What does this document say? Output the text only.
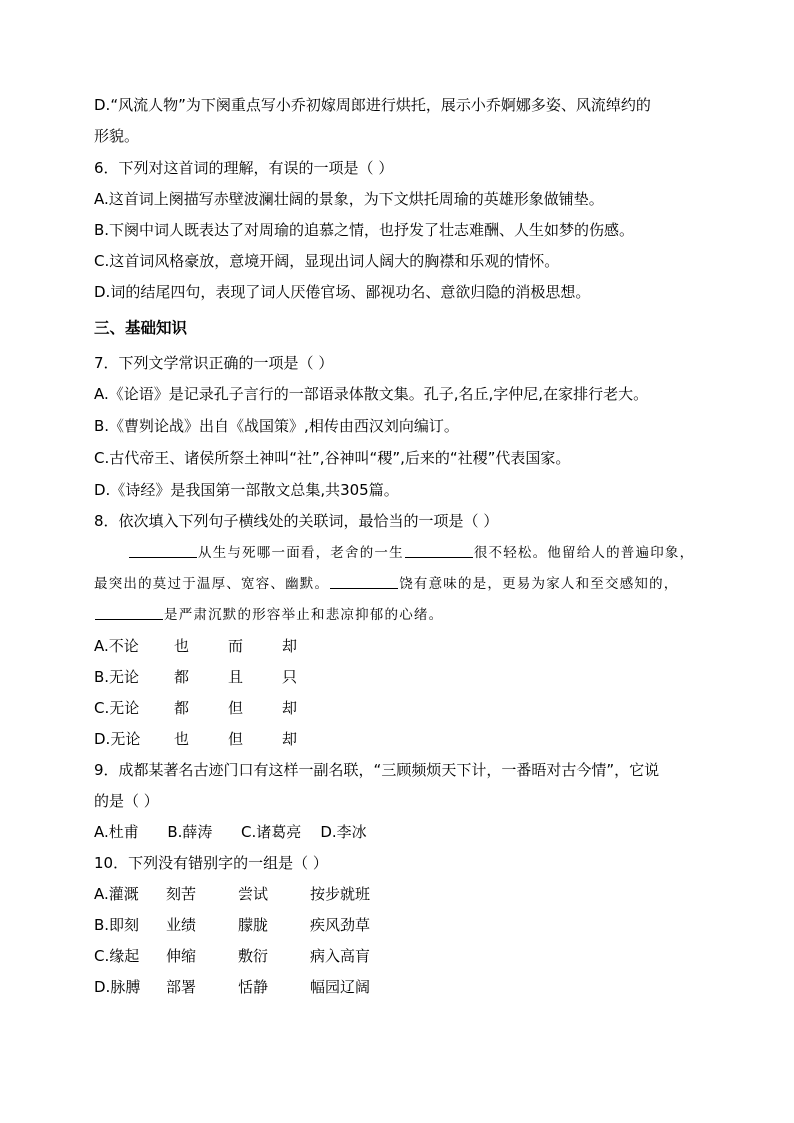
D.“风流人物”为下阕重点写小乔初嫁周郎进行烘托，展示小乔婀娜多姿、风流绰约的
形貌。
6．下列对这首词的理解，有误的一项是（ ）
A.这首词上阕描写赤壁波澜壮阔的景象，为下文烘托周瑜的英雄形象做铺垫。
B.下阕中词人既表达了对周瑜的追慕之情，也抒发了壮志难酬、人生如梦的伤感。
C.这首词风格豪放，意境开阔，显现出词人阔大的胸襟和乐观的情怀。
D.词的结尾四句，表现了词人厌倦官场、鄙视功名、意欲归隐的消极思想。
三、基础知识
7．下列文学常识正确的一项是（ ）
A.《论语》是记录孔子言行的一部语录体散文集。孔子,名丘,字仲尼,在家排行老大。
B.《曹刿论战》出自《战国策》,相传由西汉刘向编订。
C.古代帝王、诸侯所祭土神叫“社”,谷神叫“稷”,后来的“社稷”代表国家。
D.《诗经》是我国第一部散文总集,共305篇。
8．依次填入下列句子横线处的关联词，最恰当的一项是（ ）
从生与死哪一面看，老舍的一生	很不轻松。他留给人的普遍印象，最突出的莫过于温厚、宽容、幽默。	饶有意味的是，更易为家人和至交感知的，是严肃沉默的形容举止和悲凉抑郁的心绪。
A.不论 也	而	却
B.无论 都	且	只
C.无论 都	但	却
D.无论 也	但	却
9．成都某著名古迹门口有这样一副名联，“三顾频烦天下计，一番晤对古今情”，它说
的是（ ）
A.杜甫      B.薛涛      C.诸葛亮    D.李冰
10．下列没有错别字的一组是（ ）
A.灌溉 刻苦	尝试	按步就班
B.即刻 业绩	朦胧	疾风劲草
C.缘起 伸缩	敷衍	病入高肓
D.脉膊 部署	恬静	幅园辽阔
